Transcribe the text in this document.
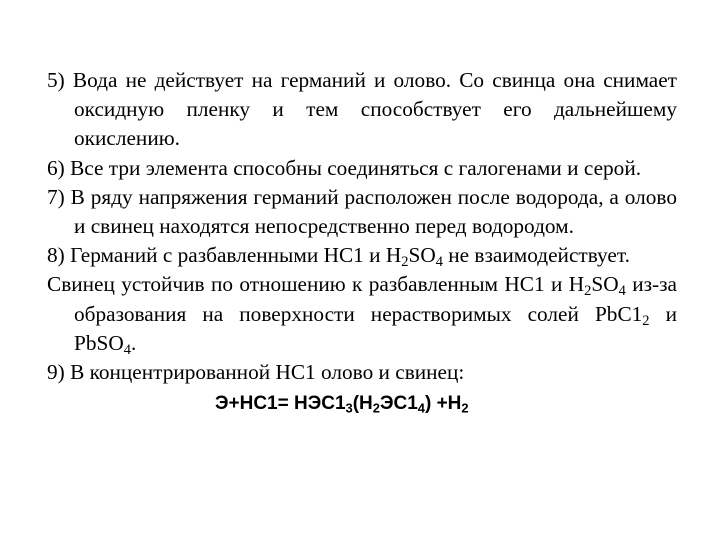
5) Вода не действует на германий и олово. Со свинца она снимает оксидную пленку и тем способствует его дальнейшему окислению.

6) Все три элемента способны соединяться с галогенами и серой.

7) В ряду напряжения германий расположен после водорода, а олово и свинец находятся непосредственно перед водородом.

8) Германий с разбавленными НС1 и $Н_2SO_4$ не взаимодействует.

Свинец устойчив по отношению к разбавленным НС1 и $Н_2SO_4$ из-за образования на поверхности нерастворимых солей $PbC1_2$ и PbSO$_4$.

9) В концентрированной НС1 олово и свинец:

$Э+НС1= НЭС1_3(Н_2ЭС1_4) +Н_2$
